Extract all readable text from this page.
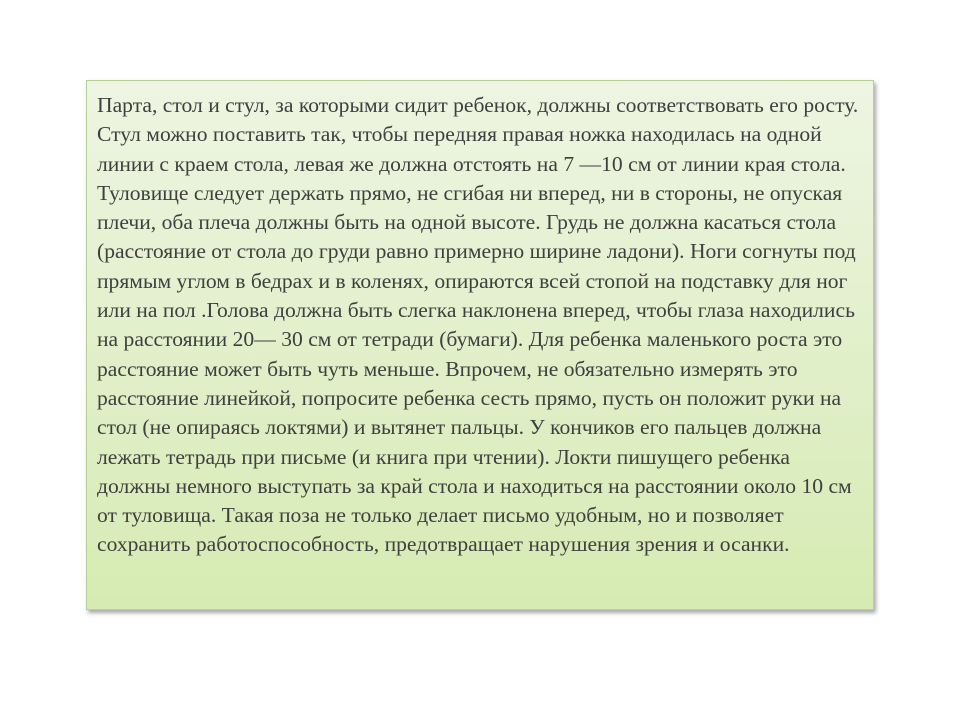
Парта, стол и стул, за которыми сидит ребенок, должны соответствовать его росту. Стул можно поставить так, чтобы передняя правая ножка находилась на одной линии с краем стола, левая же должна отстоять на 7 —10 см от линии края стола. Туловище следует держать прямо, не сгибая ни вперед, ни в стороны, не опуская плечи, оба плеча должны быть на одной высоте. Грудь не должна касаться стола (расстояние от стола до груди равно примерно ширине ладони). Ноги согнуты под прямым углом в бедрах и в коленях, опираются всей стопой на подставку для ног или на пол .Голова должна быть слегка наклонена вперед, чтобы глаза находились на расстоянии 20— 30 см от тетради (бумаги). Для ребенка маленького роста это расстояние может быть чуть меньше. Впрочем, не обязательно измерять это расстояние линейкой, попросите ребенка сесть прямо, пусть он положит руки на стол (не опираясь локтями) и вытянет пальцы. У кончиков его пальцев должна лежать тетрадь при письме (и книга при чтении). Локти пишущего ребенка должны немного выступать за край стола и находиться на расстоянии около 10 см от туловища. Такая поза не только делает письмо удобным, но и позволяет сохранить работоспособность, предотвращает нарушения зрения и осанки.
